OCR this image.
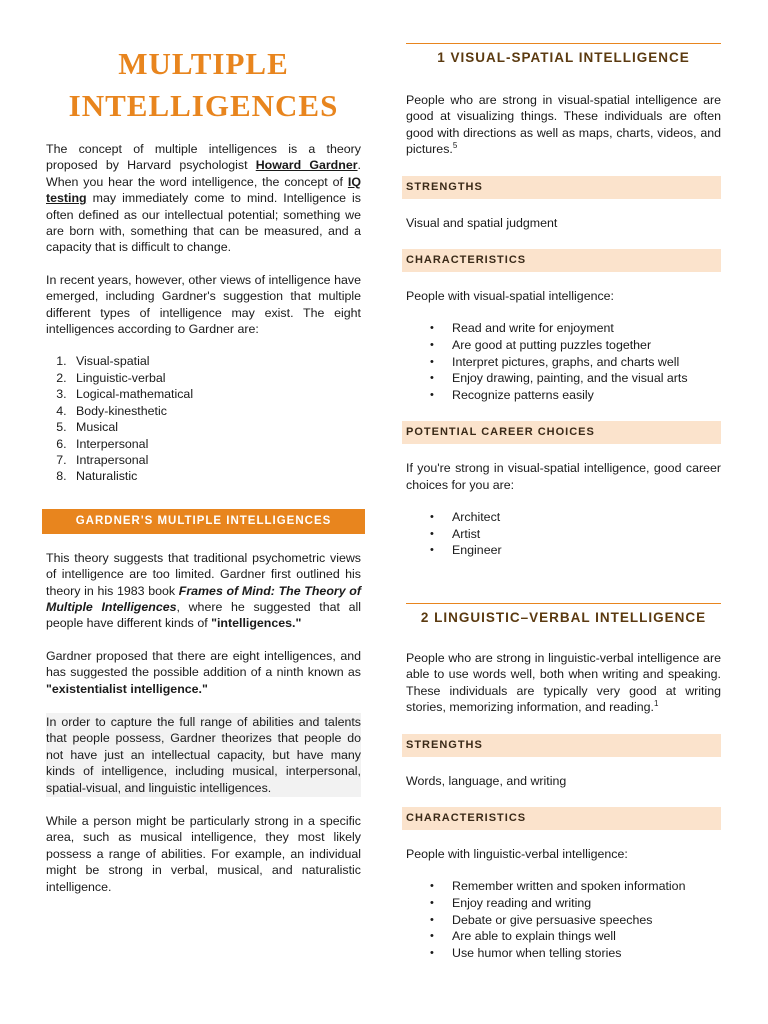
MULTIPLE
INTELLIGENCES

The concept of multiple intelligences is a theory proposed by Harvard psychologist Howard Gardner. When you hear the word intelligence, the concept of IQ testing may immediately come to mind. Intelligence is often defined as our intellectual potential; something we are born with, something that can be measured, and a capacity that is difficult to change.

In recent years, however, other views of intelligence have emerged, including Gardner's suggestion that multiple different types of intelligence may exist. The eight intelligences according to Gardner are:

1. Visual-spatial
2. Linguistic-verbal
3. Logical-mathematical
4. Body-kinesthetic
5. Musical
6. Interpersonal
7. Intrapersonal
8. Naturalistic
GARDNER'S MULTIPLE INTELLIGENCES

This theory suggests that traditional psychometric views of intelligence are too limited. Gardner first outlined his theory in his 1983 book Frames of Mind: The Theory of Multiple Intelligences, where he suggested that all people have different kinds of "intelligences."

Gardner proposed that there are eight intelligences, and has suggested the possible addition of a ninth known as "existentialist intelligence."

In order to capture the full range of abilities and talents that people possess, Gardner theorizes that people do not have just an intellectual capacity, but have many kinds of intelligence, including musical, interpersonal, spatial-visual, and linguistic intelligences.

While a person might be particularly strong in a specific area, such as musical intelligence, they most likely possess a range of abilities. For example, an individual might be strong in verbal, musical, and naturalistic intelligence.

1 VISUAL-SPATIAL INTELLIGENCE

People who are strong in visual-spatial intelligence are good at visualizing things. These individuals are often good with directions as well as maps, charts, videos, and pictures.$^5$

STRENGTHS

Visual and spatial judgment

CHARACTERISTICS

People with visual-spatial intelligence:

• Read and write for enjoyment
• Are good at putting puzzles together
• Interpret pictures, graphs, and charts well
• Enjoy drawing, painting, and the visual arts
• Recognize patterns easily
POTENTIAL CAREER CHOICES

If you're strong in visual-spatial intelligence, good career choices for you are:

• Architect
• Artist
• Engineer
2 LINGUISTIC–VERBAL INTELLIGENCE

People who are strong in linguistic-verbal intelligence are able to use words well, both when writing and speaking. These individuals are typically very good at writing stories, memorizing information, and reading.$^1$

STRENGTHS

Words, language, and writing

CHARACTERISTICS

People with linguistic-verbal intelligence:

• Remember written and spoken information
• Enjoy reading and writing
• Debate or give persuasive speeches
• Are able to explain things well
• Use humor when telling stories
